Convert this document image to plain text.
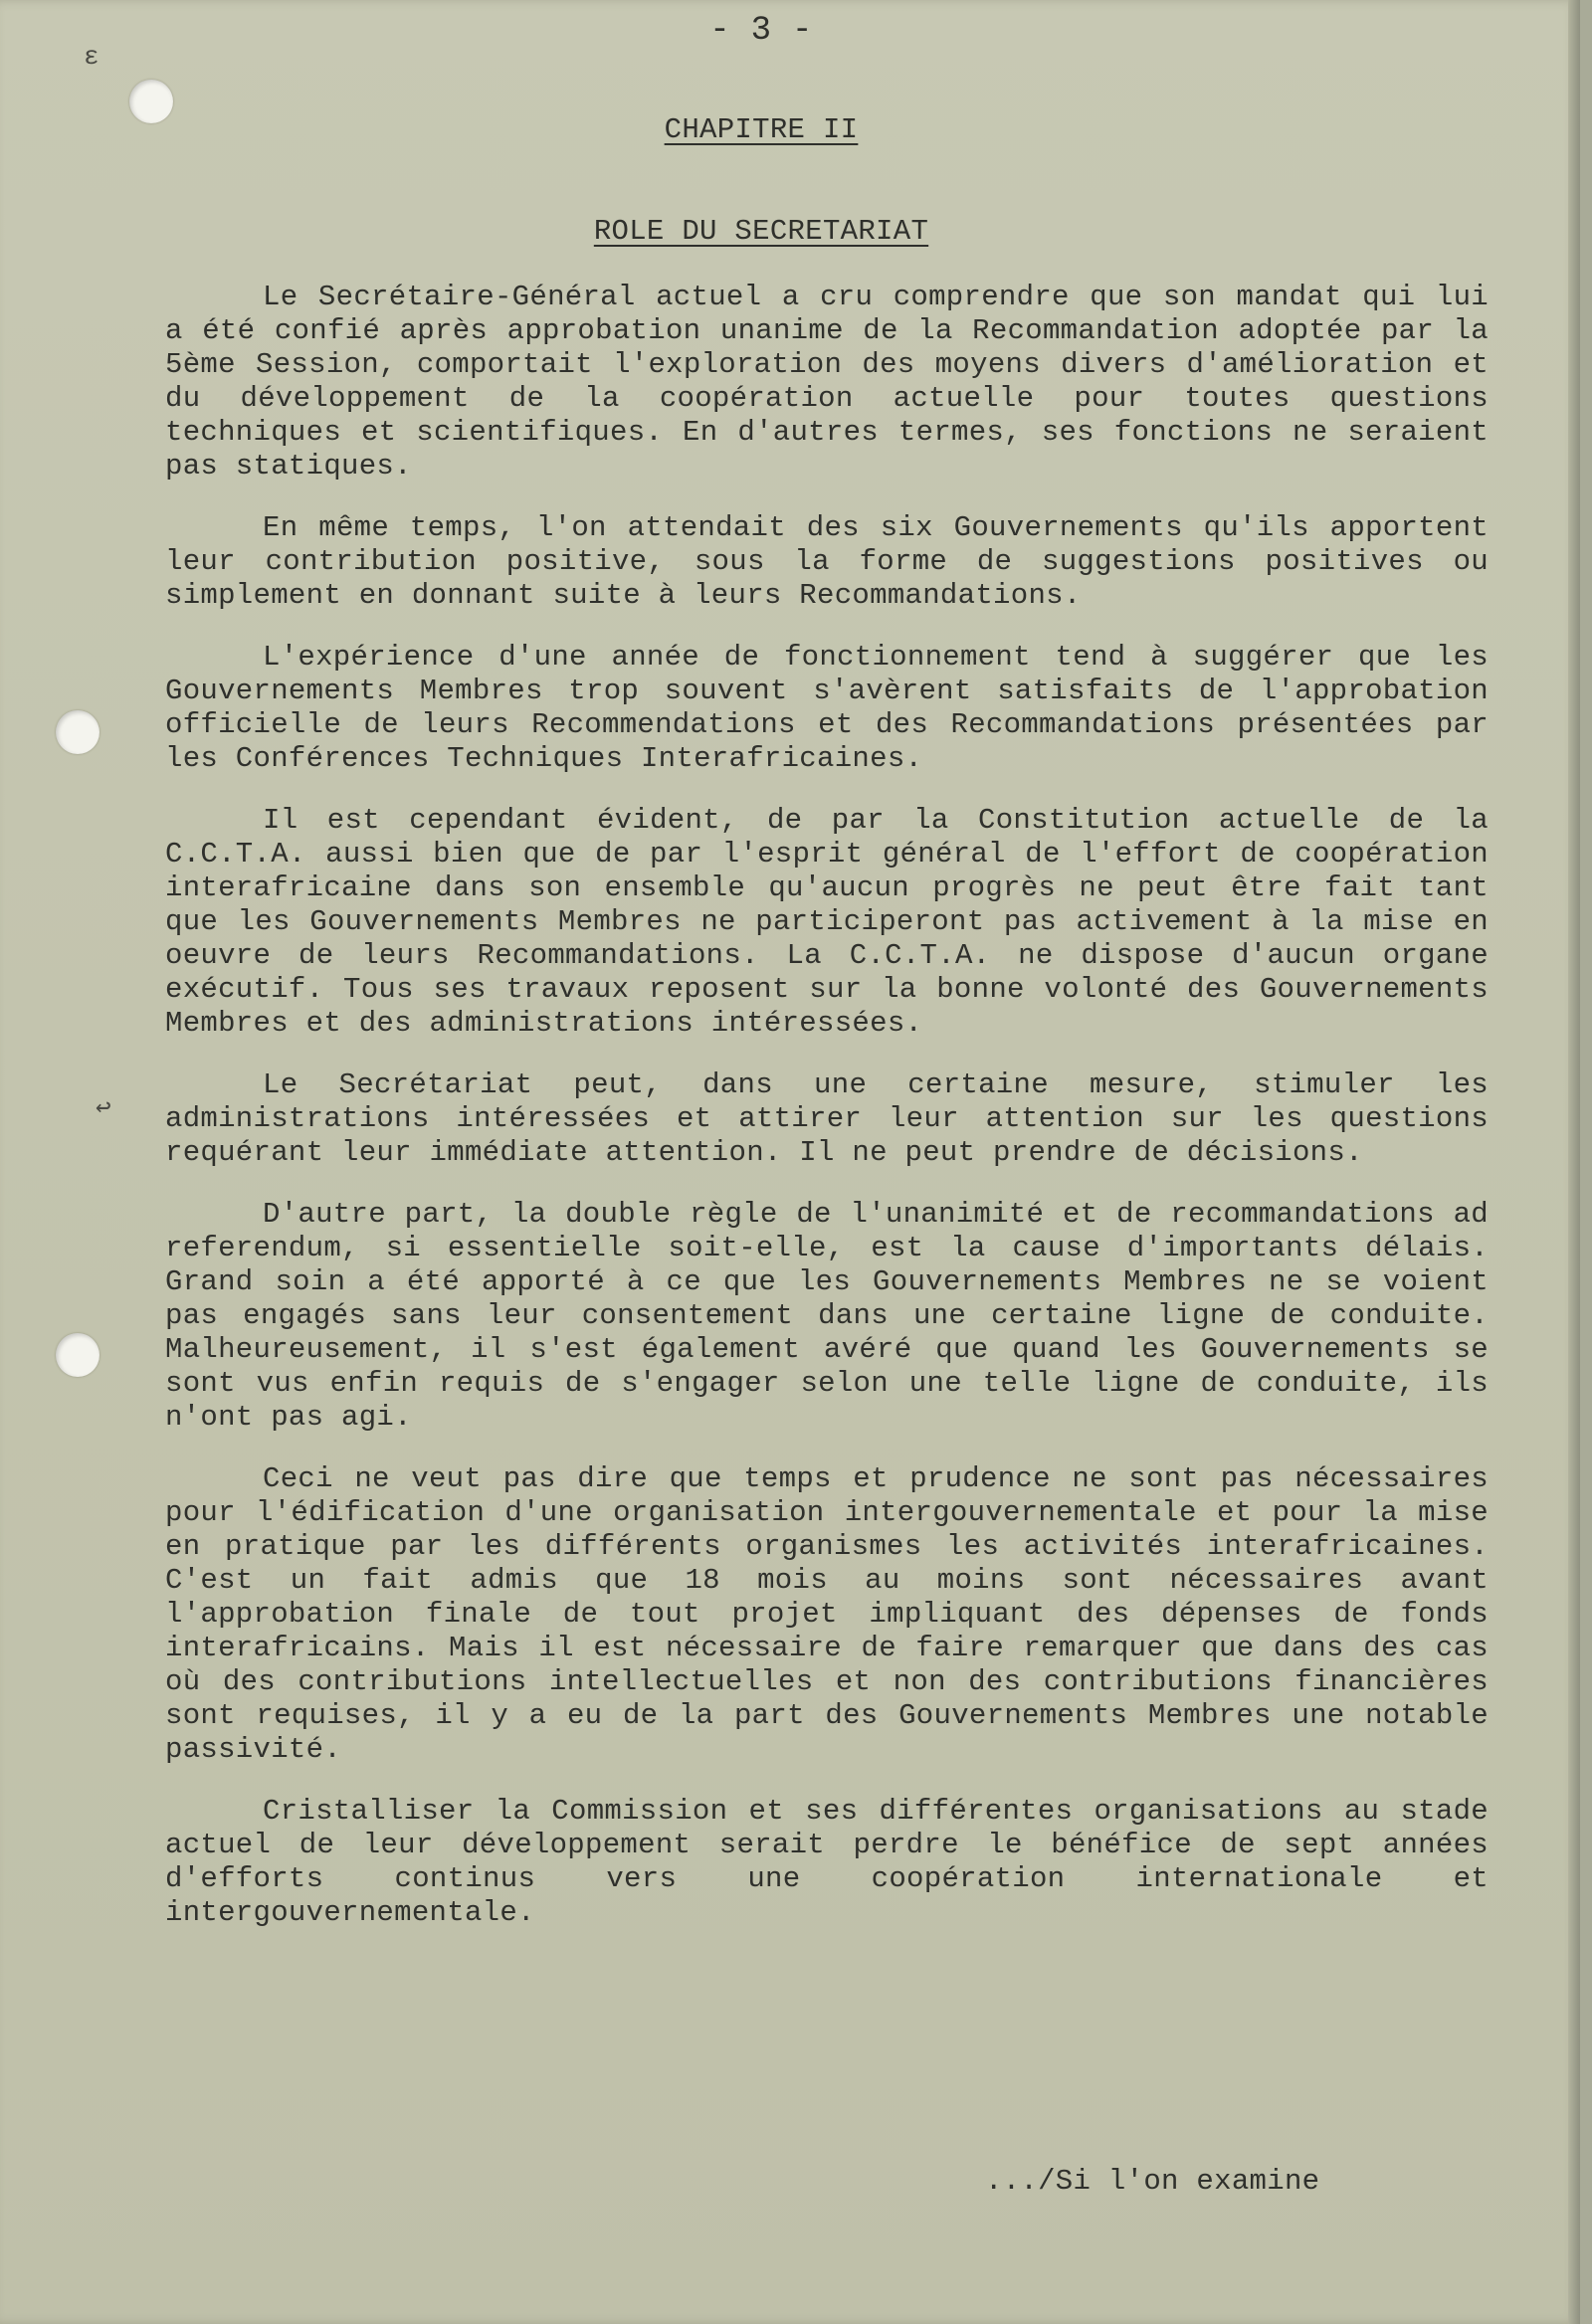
ɛ
↩
- 3 -
CHAPITRE II
ROLE DU SECRETARIAT

Le Secrétaire-Général actuel a cru comprendre que son mandat qui lui a été confié après approbation unanime de la Recommandation adoptée par la 5ème Session, comportait l'exploration des moyens divers d'amélioration et du développement de la coopération actuelle pour toutes questions techniques et scientifiques. En d'autres termes, ses fonctions ne seraient pas statiques.

En même temps, l'on attendait des six Gouvernements qu'ils apportent leur contribution positive, sous la forme de suggestions positives ou simplement en donnant suite à leurs Recommandations.

L'expérience d'une année de fonctionnement tend à suggérer que les Gouvernements Membres trop souvent s'avèrent satisfaits de l'approbation officielle de leurs Recommendations et des Recommandations présentées par les Conférences Techniques Interafricaines.

Il est cependant évident, de par la Constitution actuelle de la C.C.T.A. aussi bien que de par l'esprit général de l'effort de coopération interafricaine dans son ensemble qu'aucun progrès ne peut être fait tant que les Gouvernements Membres ne participeront pas activement à la mise en oeuvre de leurs Recommandations. La C.C.T.A. ne dispose d'aucun organe exécutif. Tous ses travaux reposent sur la bonne volonté des Gouvernements Membres et des administrations intéressées.

Le Secrétariat peut, dans une certaine mesure, stimuler les administrations intéressées et attirer leur attention sur les questions requérant leur immédiate attention. Il ne peut prendre de décisions.

D'autre part, la double règle de l'unanimité et de recommandations ad referendum, si essentielle soit-elle, est la cause d'importants délais. Grand soin a été apporté à ce que les Gouvernements Membres ne se voient pas engagés sans leur consentement dans une certaine ligne de conduite. Malheureusement, il s'est également avéré que quand les Gouvernements se sont vus enfin requis de s'engager selon une telle ligne de conduite, ils n'ont pas agi.

Ceci ne veut pas dire que temps et prudence ne sont pas nécessaires pour l'édification d'une organisation intergouvernementale et pour la mise en pratique par les différents organismes les activités interafricaines. C'est un fait admis que 18 mois au moins sont nécessaires avant l'approbation finale de tout projet impliquant des dépenses de fonds interafricains. Mais il est nécessaire de faire remarquer que dans des cas où des contributions intellectuelles et non des contributions financières sont requises, il y a eu de la part des Gouvernements Membres une notable passivité.

Cristalliser la Commission et ses différentes organisations au stade actuel de leur développement serait perdre le bénéfice de sept années d'efforts continus vers une coopération internationale et intergouvernementale.

.../Si l'on examine
